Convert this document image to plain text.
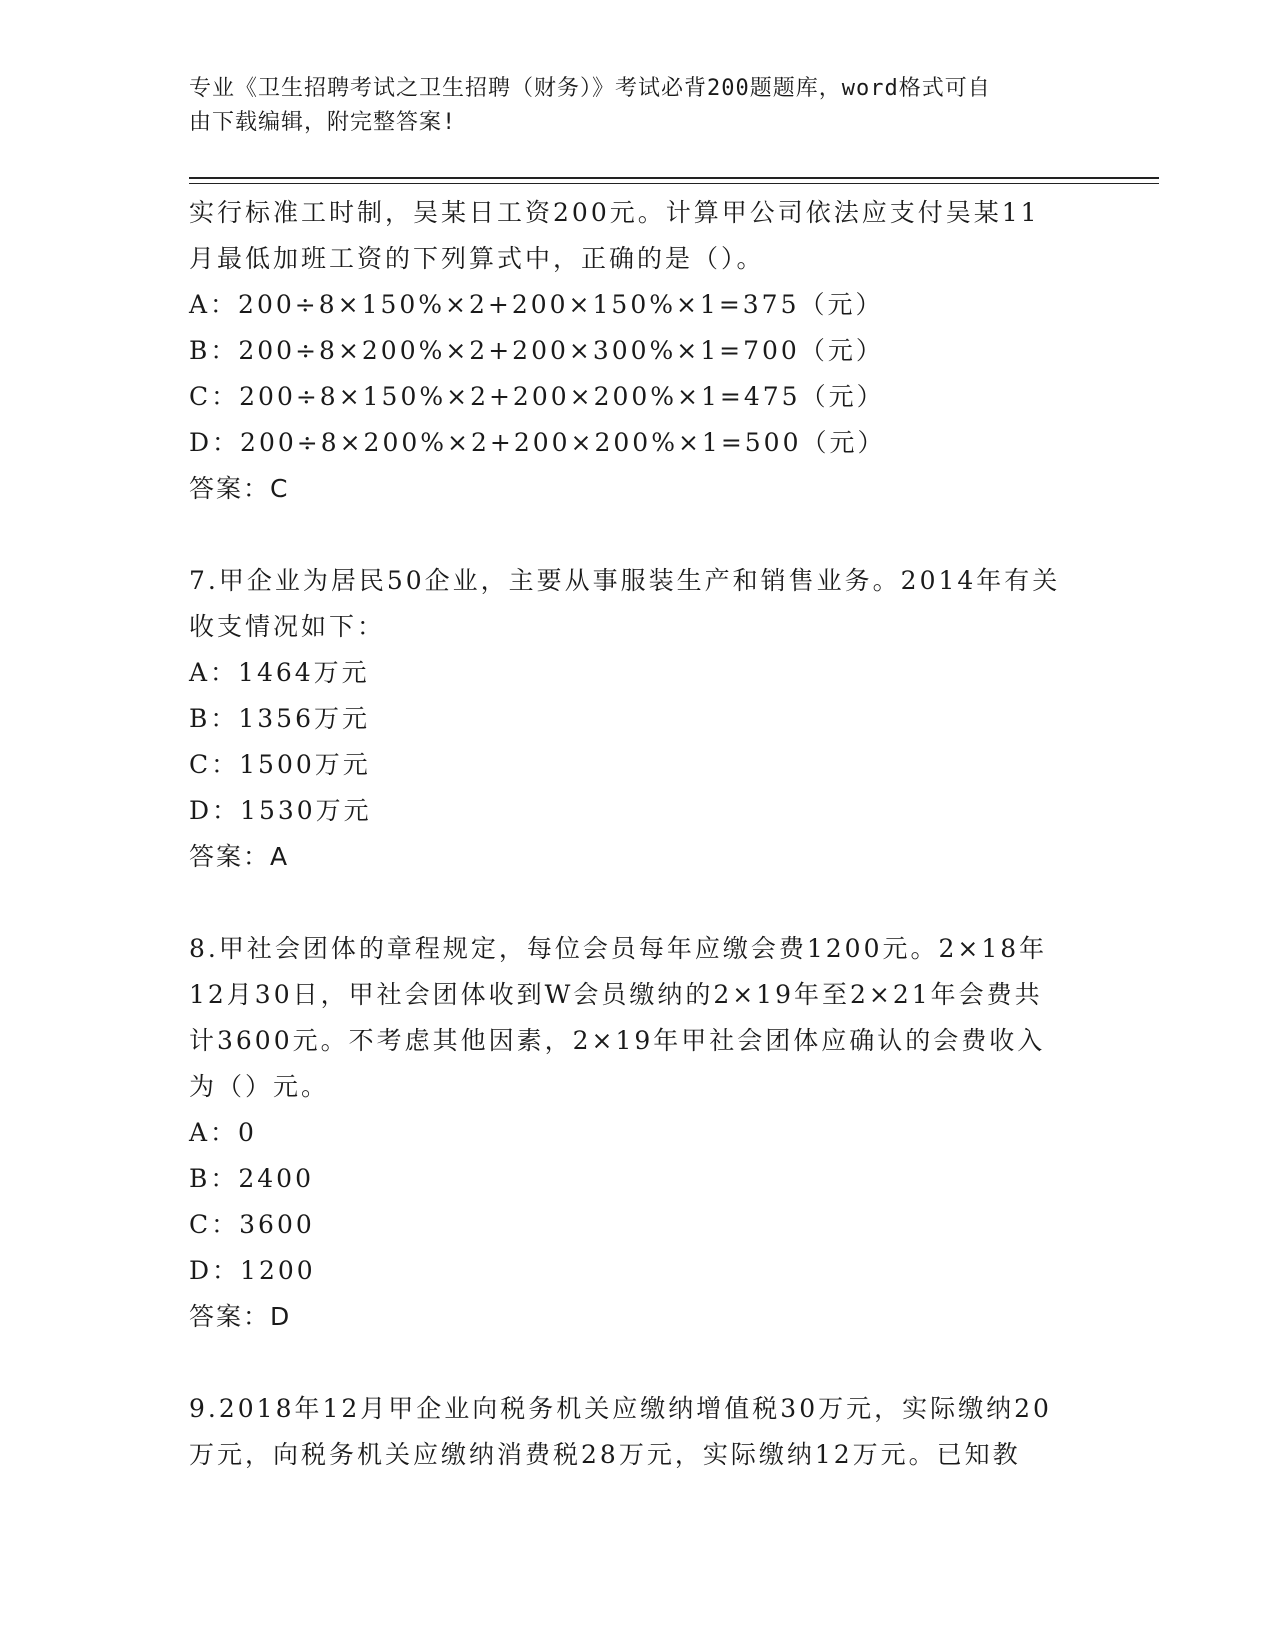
专业《卫生招聘考试之卫生招聘（财务）》考试必背200题题库，word格式可自
由下载编辑，附完整答案!
实行标准工时制，吴某日工资200元。计算甲公司依法应支付吴某11
月最低加班工资的下列算式中，正确的是（）。
A：200÷8×150%×2+200×150%×1=375（元）
B：200÷8×200%×2+200×300%×1=700（元）
C：200÷8×150%×2+200×200%×1=475（元）
D：200÷8×200%×2+200×200%×1=500（元）
答案：C
7.甲企业为居民50企业，主要从事服装生产和销售业务。2014年有关
收支情况如下：
A：1464万元
B：1356万元
C：1500万元
D：1530万元
答案：A
8.甲社会团体的章程规定，每位会员每年应缴会费1200元。2×18年
12月30日，甲社会团体收到W会员缴纳的2×19年至2×21年会费共
计3600元。不考虑其他因素，2×19年甲社会团体应确认的会费收入
为（）元。
A：0
B：2400
C：3600
D：1200
答案：D
9.2018年12月甲企业向税务机关应缴纳增值税30万元，实际缴纳20
万元，向税务机关应缴纳消费税28万元，实际缴纳12万元。已知教
